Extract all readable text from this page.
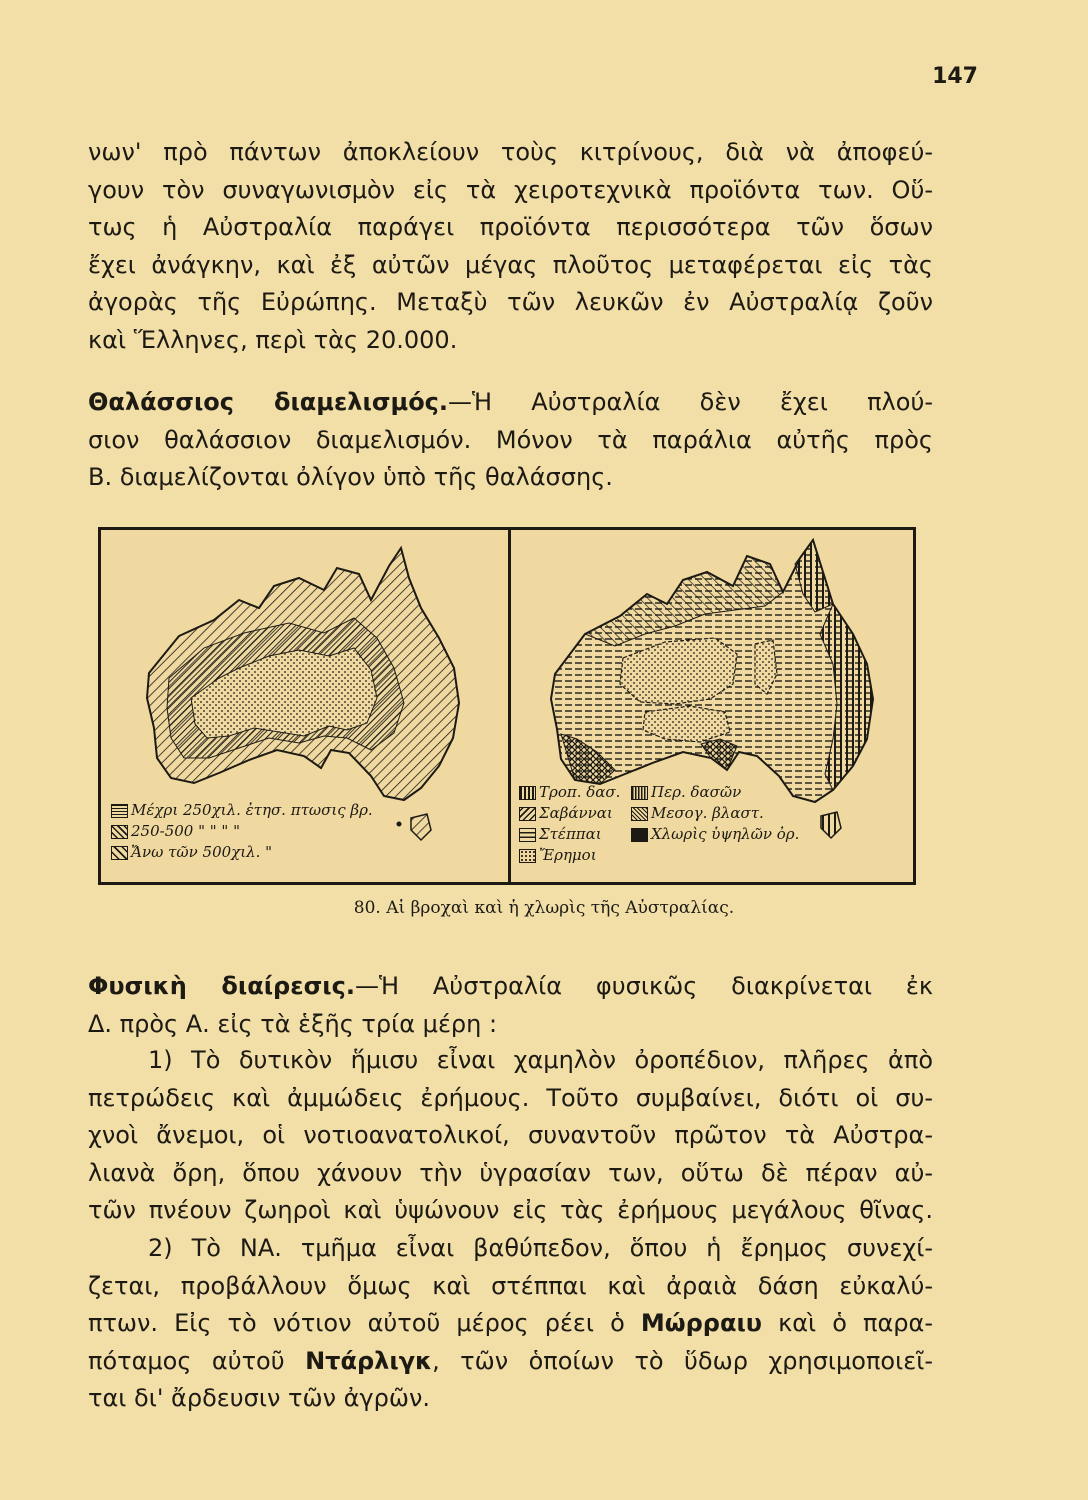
147
νων' πρὸ πάντων ἀποκλείουν τοὺς κιτρίνους, διὰ νὰ ἀποφεύ-
γουν τὸν συναγωνισμὸν εἰς τὰ χειροτεχνικὰ προϊόντα των. Οὕ-
τως ἡ Αὐστραλία παράγει προϊόντα περισσότερα τῶν ὅσων
ἔχει ἀνάγκην, καὶ ἐξ αὐτῶν μέγας πλοῦτος μεταφέρεται εἰς τὰς
ἀγορὰς τῆς Εὐρώπης. Μεταξὺ τῶν λευκῶν ἐν Αὐστραλίᾳ ζοῦν
καὶ Ἕλληνες, περὶ τὰς 20.000.
Θαλάσσιος διαμελισμός.—Ἡ Αὐστραλία δὲν ἔχει πλού-
σιον θαλάσσιον διαμελισμόν. Μόνον τὰ παράλια αὐτῆς πρὸς
Β. διαμελίζονται ὀλίγον ὑπὸ τῆς θαλάσσης.
Μέχρι 250χιλ. ἐτησ. πτωσις βρ.
250-500 " " " "
Ἄνω τῶν 500χιλ. "
Τροπ. δασ.	Περ. δασῶν
Σαβάνναι	Μεσογ. βλαστ.
Στέππαι	Χλωρὶς ὑψηλῶν ὀρ.
Ἔρημοι
80. Αἱ βροχαὶ καὶ ἡ χλωρὶς τῆς Αὐστραλίας.
Φυσικὴ διαίρεσις.—Ἡ Αὐστραλία φυσικῶς διακρίνεται ἐκ
Δ. πρὸς Α. εἰς τὰ ἑξῆς τρία μέρη :
1) Τὸ δυτικὸν ἥμισυ εἶναι χαμηλὸν ὀροπέδιον, πλῆρες ἀπὸ
πετρώδεις καὶ ἀμμώδεις ἐρήμους. Τοῦτο συμβαίνει, διότι οἱ συ-
χνοὶ ἄνεμοι, οἱ νοτιοανατολικοί, συναντοῦν πρῶτον τὰ Αὐστρα-
λιανὰ ὄρη, ὅπου χάνουν τὴν ὑγρασίαν των, οὕτω δὲ πέραν αὐ-
τῶν πνέουν ζωηροὶ καὶ ὑψώνουν εἰς τὰς ἐρήμους μεγάλους θῖνας.
2) Τὸ ΝΑ. τμῆμα εἶναι βαθύπεδον, ὅπου ἡ ἔρημος συνεχί-
ζεται, προβάλλουν ὅμως καὶ στέππαι καὶ ἀραιὰ δάση εὐκαλύ-
πτων. Εἰς τὸ νότιον αὐτοῦ μέρος ρέει ὁ Μώρραιυ καὶ ὁ παρα-
πόταμος αὐτοῦ Ντάρλιγκ, τῶν ὁποίων τὸ ὕδωρ χρησιμοποιεῖ-
ται δι' ἄρδευσιν τῶν ἀγρῶν.
